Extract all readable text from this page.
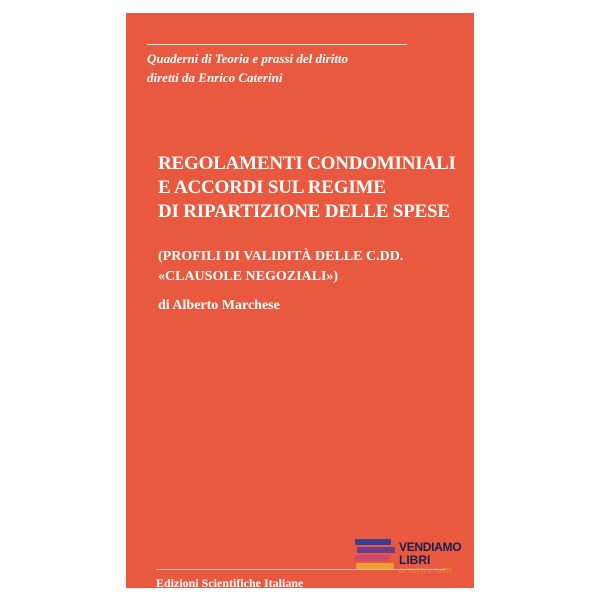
Quaderni di Teoria e prassi del diritto
diretti da Enrico Caterini
REGOLAMENTI CONDOMINIALI
E ACCORDI SUL REGIME
DI RIPARTIZIONE DELLE SPESE
(PROFILI DI VALIDITÀ DELLE C.DD.
«CLAUSOLE NEGOZIALI»)
di Alberto Marchese
Edizioni Scientifiche Italiane
VENDIAMO
LIBRI
DI TUTTI A TUTTI
